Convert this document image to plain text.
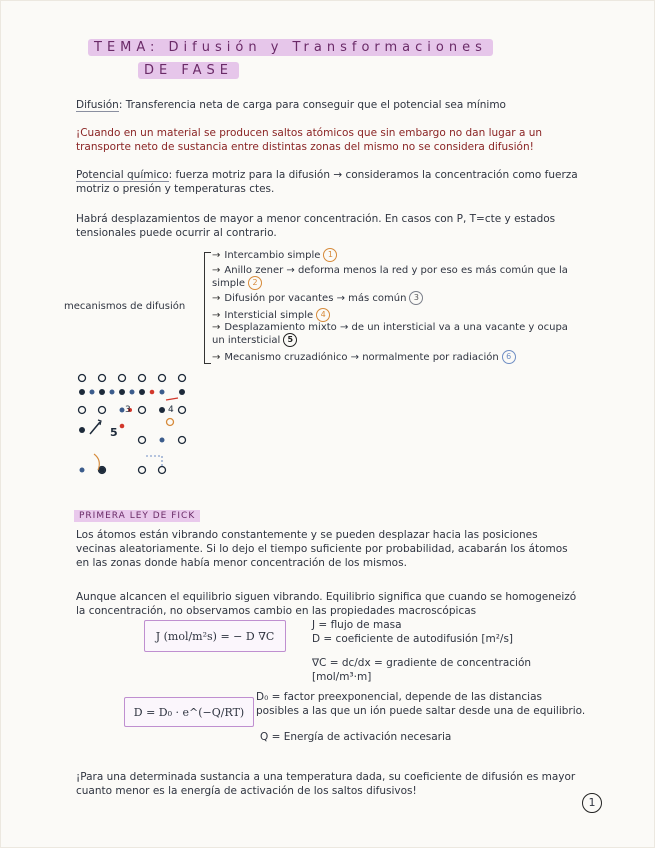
TEMA: Difusión y Transformaciones
DE FASE
Difusión: Transferencia neta de carga para conseguir que el potencial sea mínimo
¡Cuando en un material se producen saltos atómicos que sin embargo no dan lugar a un transporte neto de sustancia entre distintas zonas del mismo no se considera difusión!
Potencial químico: fuerza motriz para la difusión → consideramos la concentración como fuerza motriz o presión y temperaturas ctes.
Habrá desplazamientos de mayor a menor concentración. En casos con P, T=cte y estados tensionales puede ocurrir al contrario.
mecanismos de difusión
→ Intercambio simple 1
→ Anillo zener → deforma menos la red y por eso es más común que la simple 2
→ Difusión por vacantes → más común 3
→ Intersticial simple 4
→ Desplazamiento mixto → de un intersticial va a una vacante y ocupa un intersticial 5
→ Mecanismo cruzadiónico → normalmente por radiación 6
3	4
5
PRIMERA LEY DE FICK
Los átomos están vibrando constantemente y se pueden desplazar hacia las posiciones vecinas aleatoriamente. Si lo dejo el tiempo suficiente por probabilidad, acabarán los átomos en las zonas donde había menor concentración de los mismos.
Aunque alcancen el equilibrio siguen vibrando. Equilibrio significa que cuando se homogeneizó la concentración, no observamos cambio en las propiedades macroscópicas
J (mol/m²s) = − D ∇C
J = flujo de masa
D = coeficiente de autodifusión [m²/s]
∇C = dc/dx = gradiente de concentración [mol/m³·m]
D = D₀ · e^(−Q/RT)
D₀ = factor preexponencial, depende de las distancias posibles a las que un ión puede saltar desde una de equilibrio.
Q = Energía de activación necesaria
¡Para una determinada sustancia a una temperatura dada, su coeficiente de difusión es mayor cuanto menor es la energía de activación de los saltos difusivos!
1
